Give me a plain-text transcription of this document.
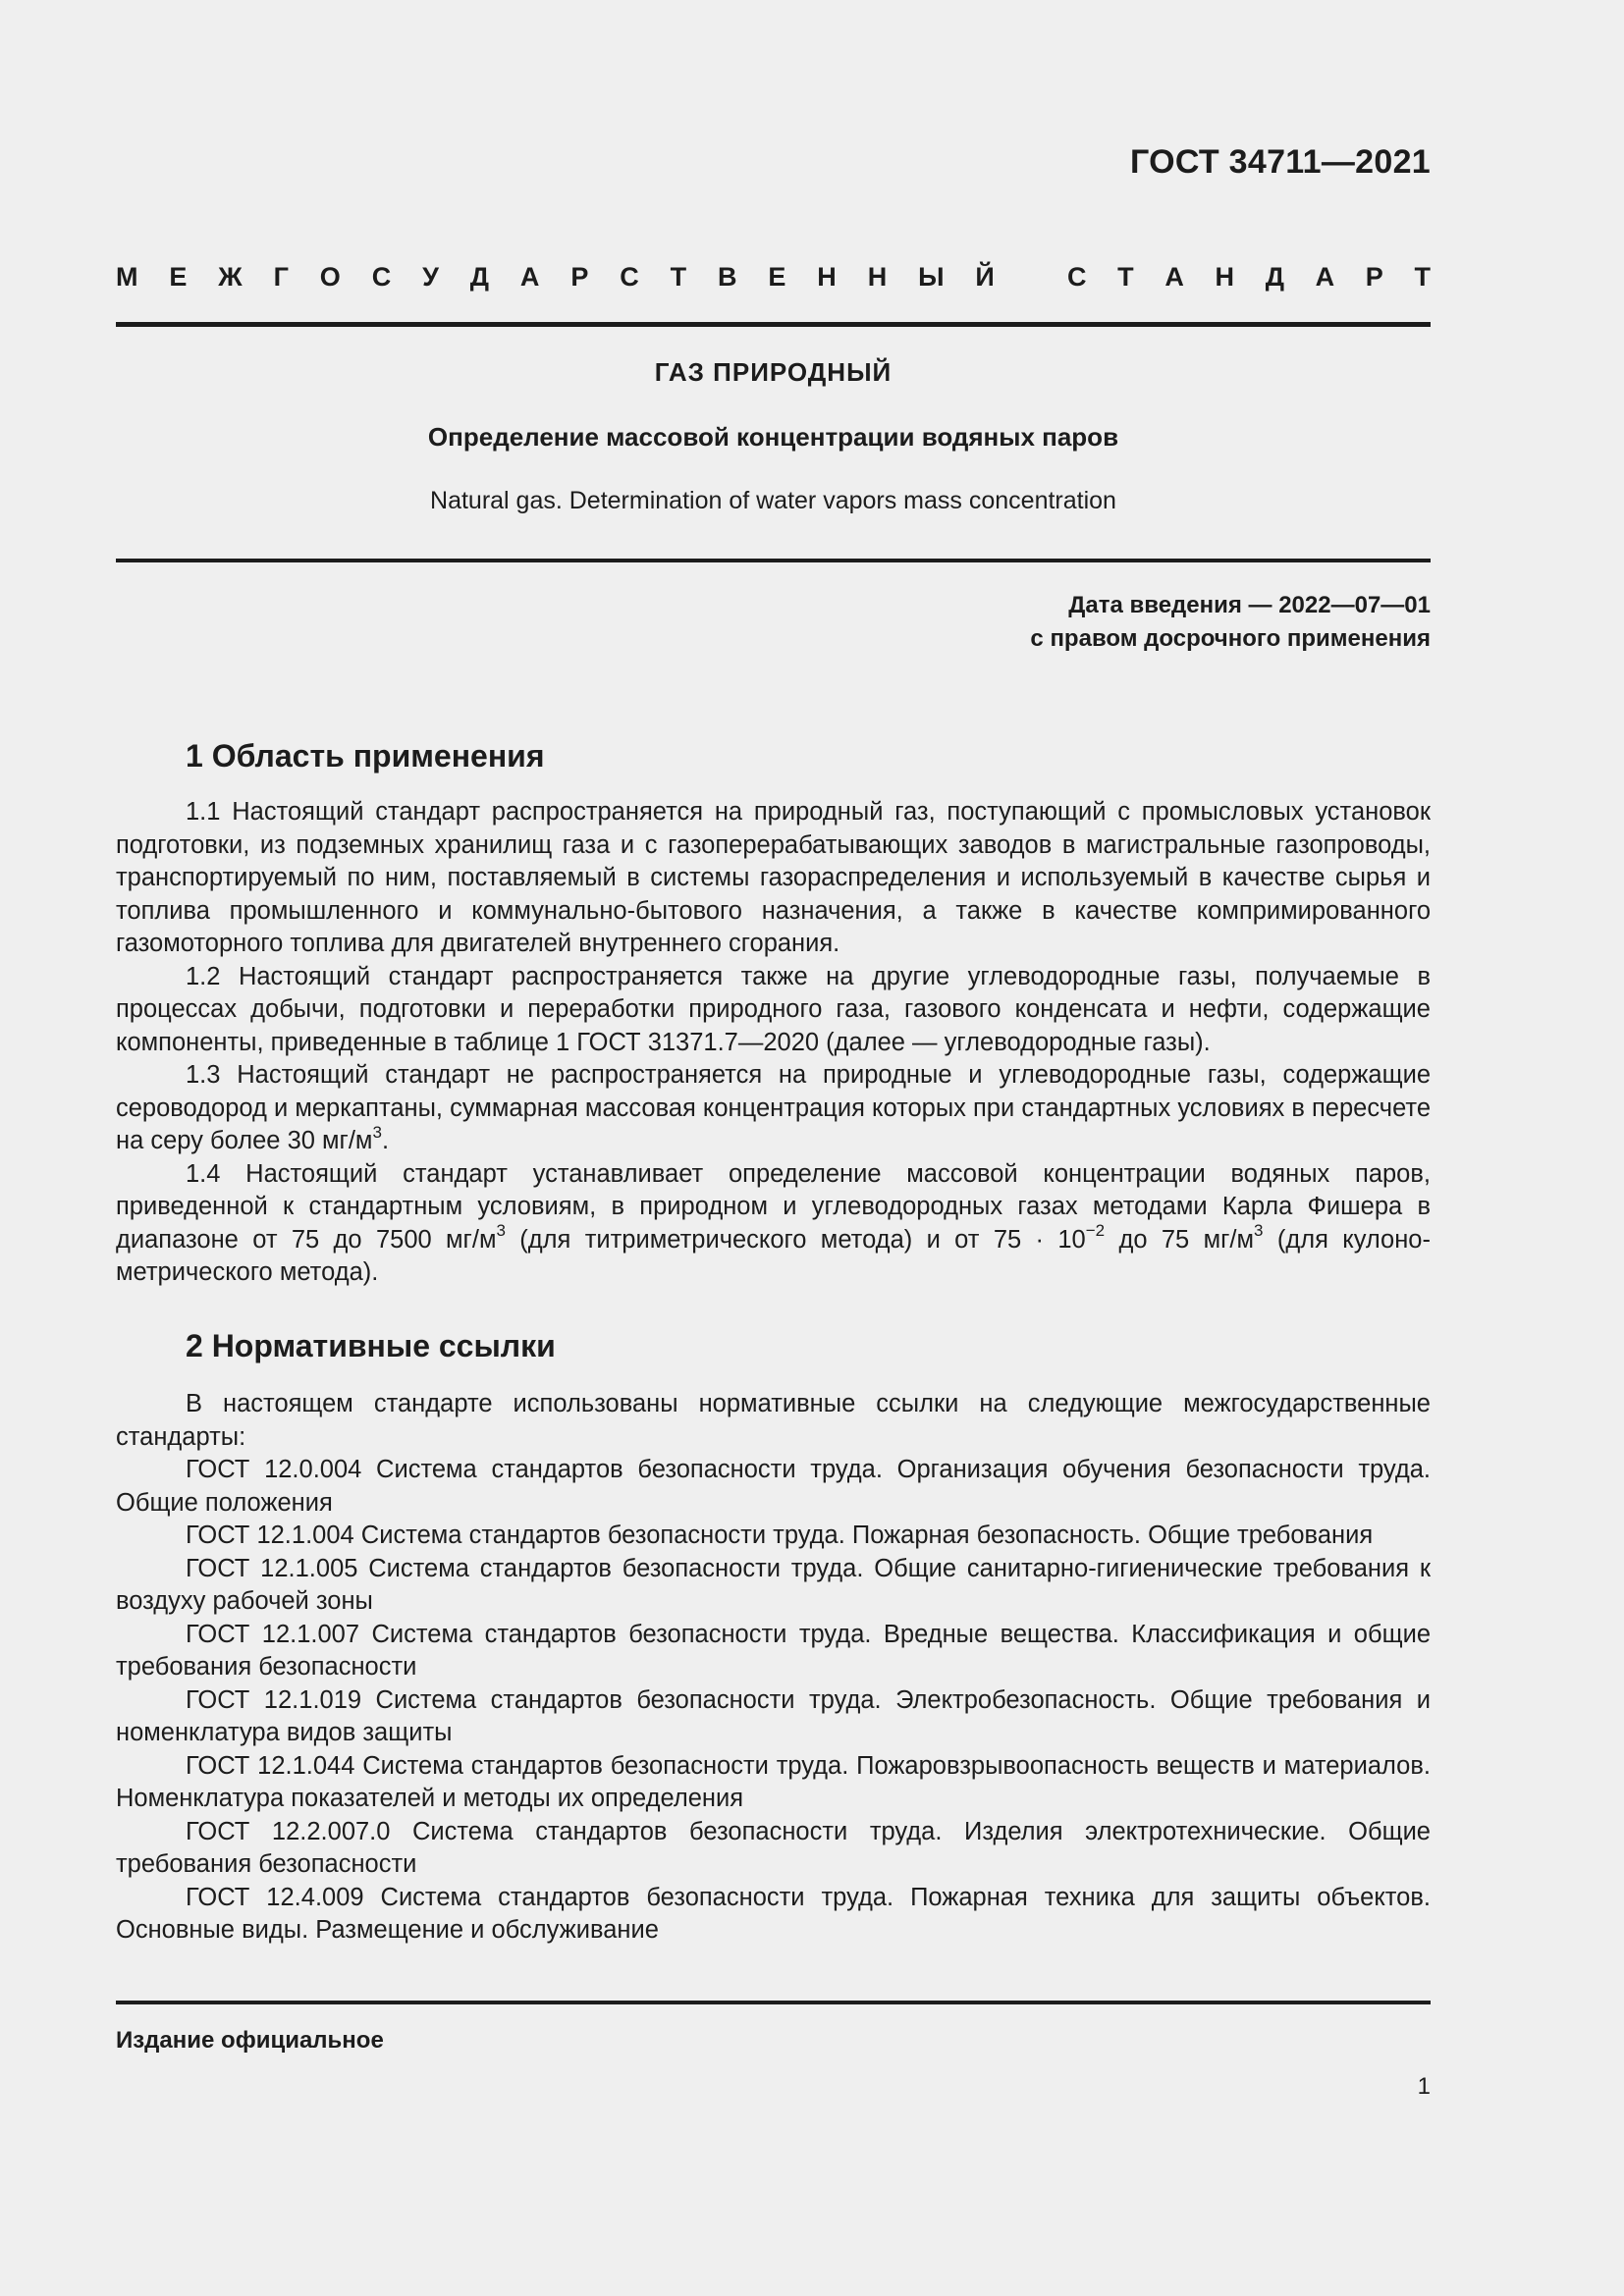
ГОСТ 34711—2021
М Е Ж Г О С У Д А Р С Т В Е Н Н Ы Й	С Т А Н Д А Р Т
ГАЗ ПРИРОДНЫЙ
Определение массовой концентрации водяных паров
Natural gas. Determination of water vapors mass concentration
Дата введения — 2022—07—01
с правом досрочного применения
1 Область применения

1.1 Настоящий стандарт распространяется на природный газ, поступающий с промысловых установок подготовки, из подземных хранилищ газа и с газоперерабатывающих заводов в магистральные газопроводы, транспортируемый по ним, поставляемый в системы газораспределения и используемый в качестве сырья и топлива промышленного и коммунально-бытового назначения, а также в качестве компримированного газомоторного топлива для двигателей внутреннего сгорания.

1.2 Настоящий стандарт распространяется также на другие углеводородные газы, получаемые в процессах добычи, подготовки и переработки природного газа, газового конденсата и нефти, содержащие компоненты, приведенные в таблице 1 ГОСТ 31371.7—2020 (далее — углеводородные газы).

1.3 Настоящий стандарт не распространяется на природные и углеводородные газы, содержащие сероводород и меркаптаны, суммарная массовая концентрация которых при стандартных условиях в пересчете на серу более 30 $мг/м^3$.

1.4 Настоящий стандарт устанавливает определение массовой концентрации водяных паров, приведенной к стандартным условиям, в природном и углеводородных газах методами Карла Фишера в диапазоне от 75 до 7500 $мг/м^3$ (для титриметрического метода) и от $75 \cdot 10^{-2}$ до 75 $мг/м^3$ (для кулонометрического метода).

2 Нормативные ссылки

В настоящем стандарте использованы нормативные ссылки на следующие межгосударственные стандарты:

ГОСТ 12.0.004 Система стандартов безопасности труда. Организация обучения безопасности труда. Общие положения

ГОСТ 12.1.004 Система стандартов безопасности труда. Пожарная безопасность. Общие требования

ГОСТ 12.1.005 Система стандартов безопасности труда. Общие санитарно-гигиенические требования к воздуху рабочей зоны

ГОСТ 12.1.007 Система стандартов безопасности труда. Вредные вещества. Классификация и общие требования безопасности

ГОСТ 12.1.019 Система стандартов безопасности труда. Электробезопасность. Общие требования и номенклатура видов защиты

ГОСТ 12.1.044 Система стандартов безопасности труда. Пожаровзрывоопасность веществ и материалов. Номенклатура показателей и методы их определения

ГОСТ 12.2.007.0 Система стандартов безопасности труда. Изделия электротехнические. Общие требования безопасности

ГОСТ 12.4.009 Система стандартов безопасности труда. Пожарная техника для защиты объектов. Основные виды. Размещение и обслуживание

Издание официальное
1
